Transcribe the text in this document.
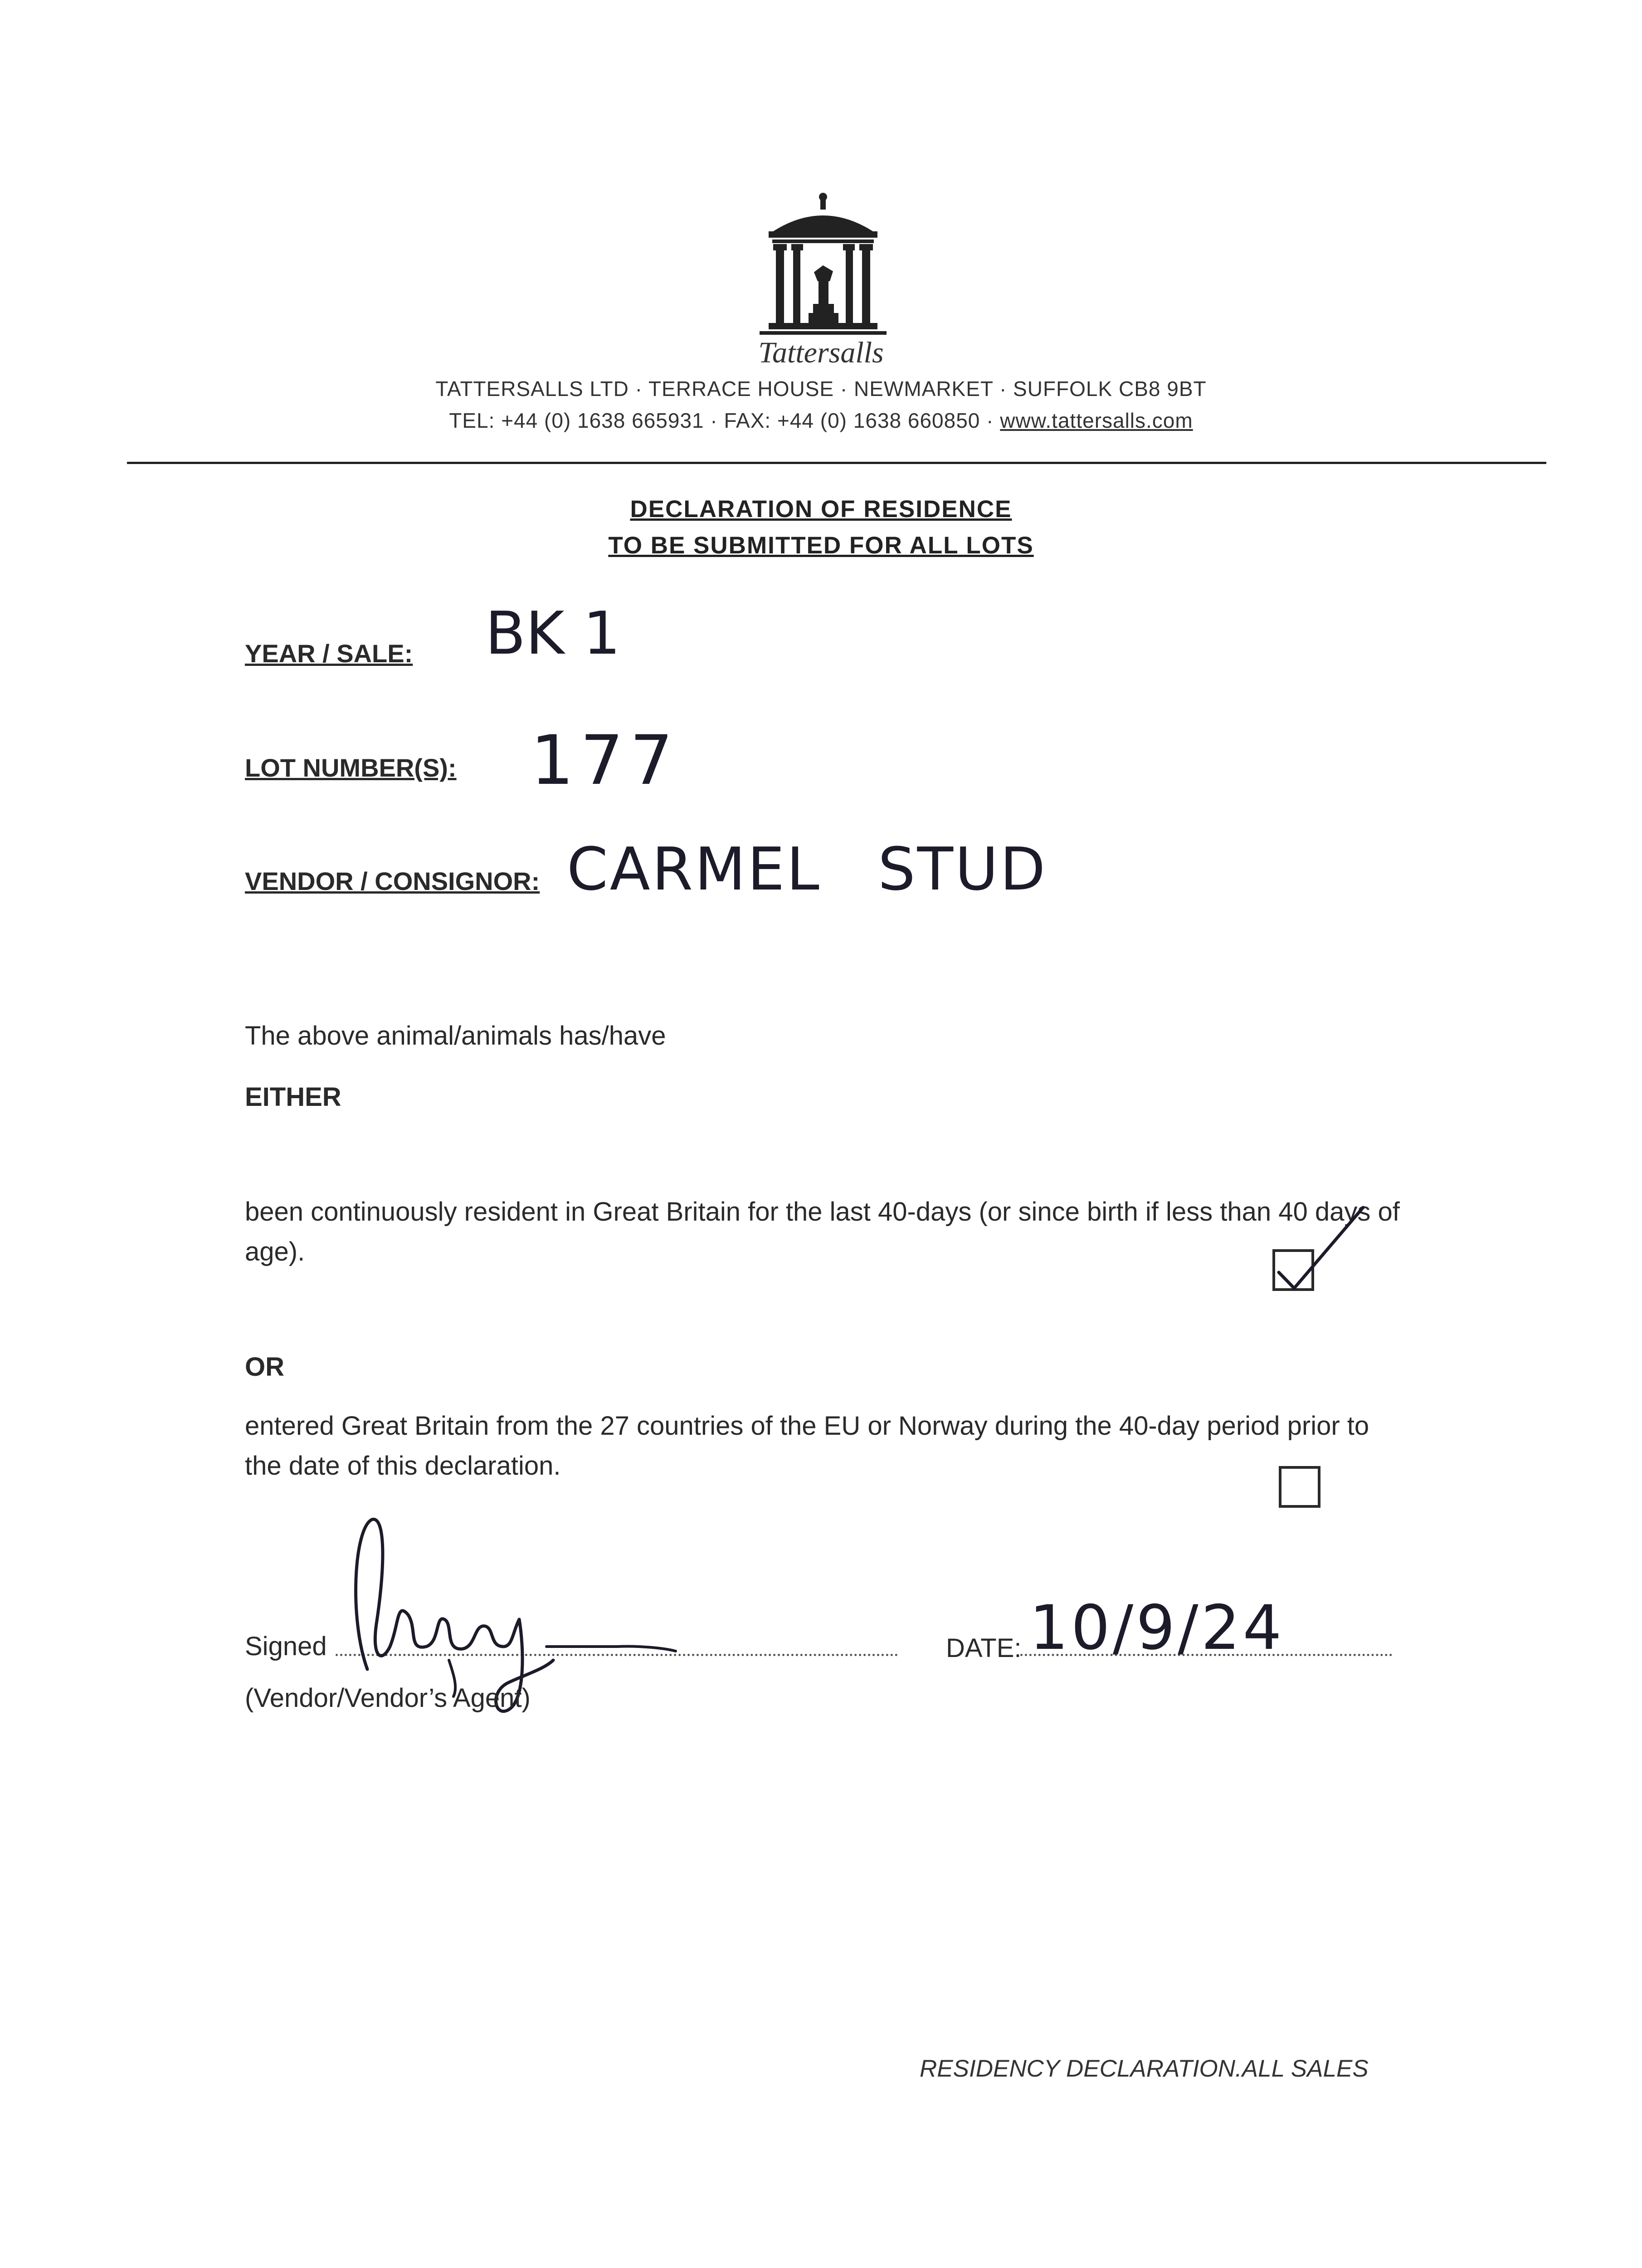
Tattersalls
TATTERSALLS LTD · TERRACE HOUSE · NEWMARKET · SUFFOLK CB8 9BT
TEL: +44 (0) 1638 665931 · FAX: +44 (0) 1638 660850 · www.tattersalls.com
DECLARATION OF RESIDENCE
TO BE SUBMITTED FOR ALL LOTS
YEAR / SALE: BK 1
LOT NUMBER(S): 177
VENDOR / CONSIGNOR: CARMEL STUD
The above animal/animals has/have
EITHER
been continuously resident in Great Britain for the last 40-days (or since birth if less than 40 days of age).
OR
entered Great Britain from the 27 countries of the EU or Norway during the 40-day period prior to the date of this declaration.
Signed
(Vendor/Vendor’s Agent)
DATE: 10/9/24
RESIDENCY DECLARATION.ALL SALES
